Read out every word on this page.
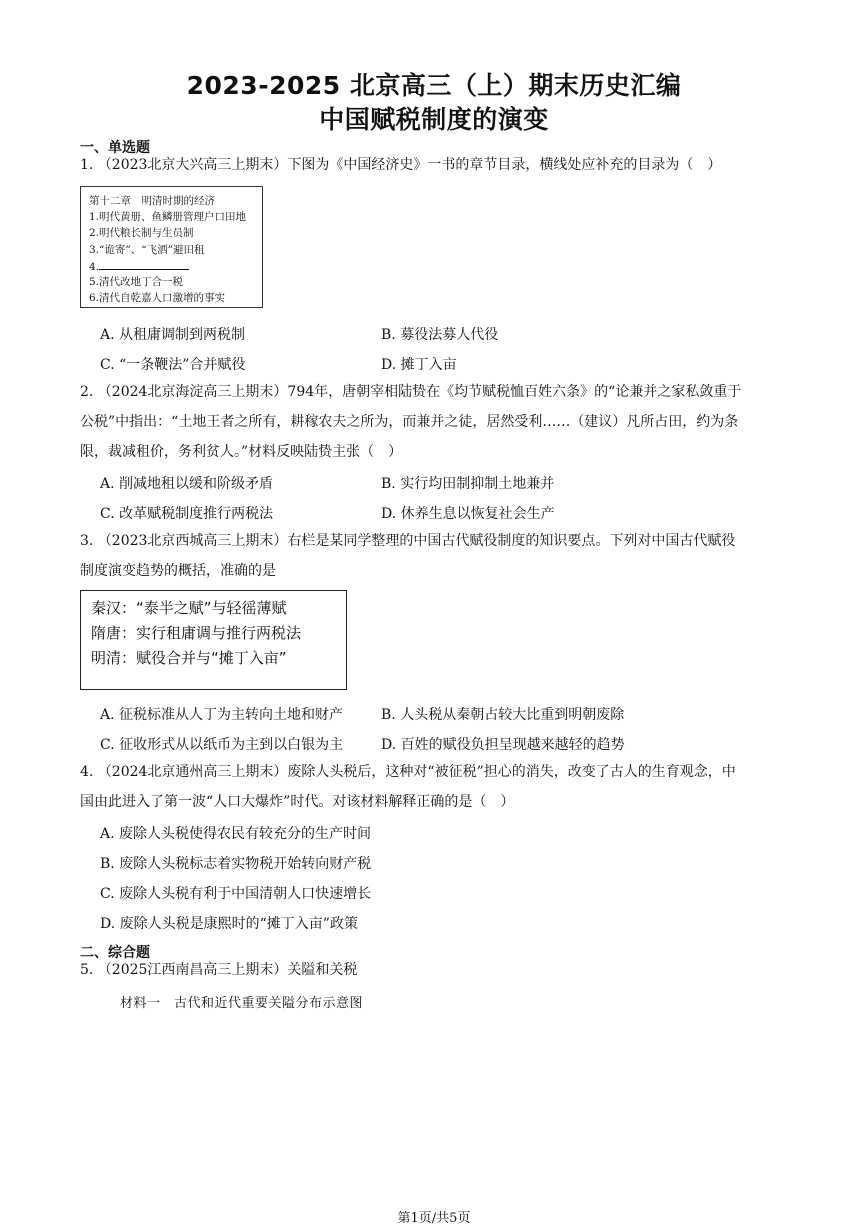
2023-2025 北京高三（上）期末历史汇编
中国赋税制度的演变
一、单选题
1. （2023北京大兴高三上期末）下图为《中国经济史》一书的章节目录，横线处应补充的目录为（　）
第十二章　明清时期的经济
1.明代黄册、鱼鳞册管理户口田地
2.明代粮长制与生员制
3.“诡寄”、“飞洒”避田租
4.
5.清代改地丁合一税
6.清代自乾嘉人口激增的事实
A. 从租庸调制到两税制	B. 募役法募人代役
C. “一条鞭法”合并赋役	D. 摊丁入亩
2. （2024北京海淀高三上期末）794年，唐朝宰相陆贽在《均节赋税恤百姓六条》的“论兼并之家私敛重于
公税”中指出：“土地王者之所有，耕稼农夫之所为，而兼并之徒，居然受利……（建议）凡所占田，约为条
限，裁减租价，务利贫人。”材料反映陆贽主张（　）
A. 削减地租以缓和阶级矛盾	B. 实行均田制抑制土地兼并
C. 改革赋税制度推行两税法	D. 休养生息以恢复社会生产
3. （2023北京西城高三上期末）右栏是某同学整理的中国古代赋役制度的知识要点。下列对中国古代赋役
制度演变趋势的概括，准确的是
秦汉：“泰半之赋”与轻徭薄赋
隋唐：实行租庸调与推行两税法
明清：赋役合并与“摊丁入亩”
A. 征税标准从人丁为主转向土地和财产	B. 人头税从秦朝占较大比重到明朝废除
C. 征收形式从以纸币为主到以白银为主	D. 百姓的赋役负担呈现越来越轻的趋势
4. （2024北京通州高三上期末）废除人头税后，这种对“被征税”担心的消失，改变了古人的生育观念，中
国由此进入了第一波“人口大爆炸”时代。对该材料解释正确的是（　）
A. 废除人头税使得农民有较充分的生产时间
B. 废除人头税标志着实物税开始转向财产税
C. 废除人头税有利于中国清朝人口快速增长
D. 废除人头税是康熙时的“摊丁入亩”政策
二、综合题
5. （2025江西南昌高三上期末）关隘和关税
材料一　古代和近代重要关隘分布示意图
第1页/共5页
